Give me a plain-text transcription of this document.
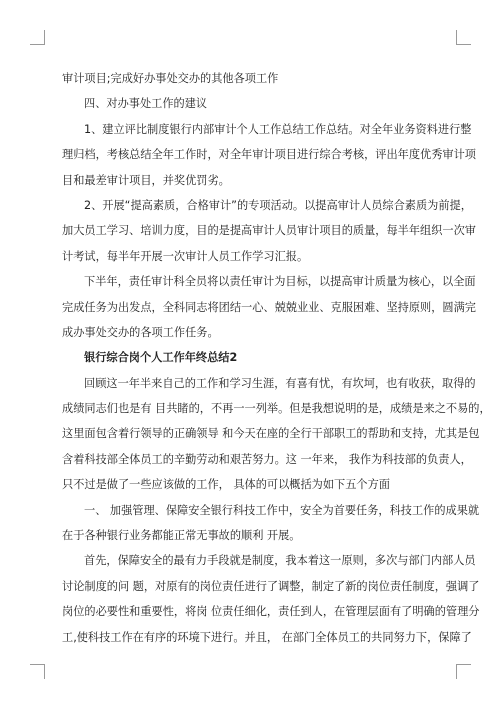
审计项目;完成好办事处交办的其他各项工作
四、对办事处工作的建议
1、建立评比制度银行内部审计个人工作总结工作总结。对全年业务资料进行整
理归档，考核总结全年工作时，对全年审计项目进行综合考核，评出年度优秀审计项
目和最差审计项目，并奖优罚劣。
2、开展“提高素质，合格审计”的专项活动。以提高审计人员综合素质为前提，
加大员工学习、培训力度，目的是提高审计人员审计项目的质量，每半年组织一次审
计考试，每半年开展一次审计人员工作学习汇报。
下半年，责任审计科全员将以责任审计为目标，以提高审计质量为核心，以全面
完成任务为出发点，全科同志将团结一心、兢兢业业、克服困难、坚持原则，圆满完
成办事处交办的各项工作任务。
银行综合岗个人工作年终总结2
回顾这一年半来自己的工作和学习生涯，有喜有忧，有坎坷，也有收获，取得的
成绩同志们也是有 目共睹的，不再一一列举。但是我想说明的是，成绩是来之不易的，
这里面包含着行领导的正确领导 和今天在座的全行干部职工的帮助和支持，尤其是包
含着科技部全体员工的辛勤劳动和艰苦努力。这 一年来， 我作为科技部的负责人，
只不过是做了一些应该做的工作， 具体的可以概括为如下五个方面
一、 加强管理、保障安全银行科技工作中，安全为首要任务，科技工作的成果就
在于各种银行业务都能正常无事故的顺利 开展。
首先，保障安全的最有力手段就是制度，我本着这一原则，多次与部门内部人员
讨论制度的问 题，对原有的岗位责任进行了调整，制定了新的岗位责任制度，强调了
岗位的必要性和重要性，将岗 位责任细化，责任到人，在管理层面有了明确的管理分
工,使科技工作在有序的环境下进行。并且， 在部门全体员工的共同努力下，保障了
